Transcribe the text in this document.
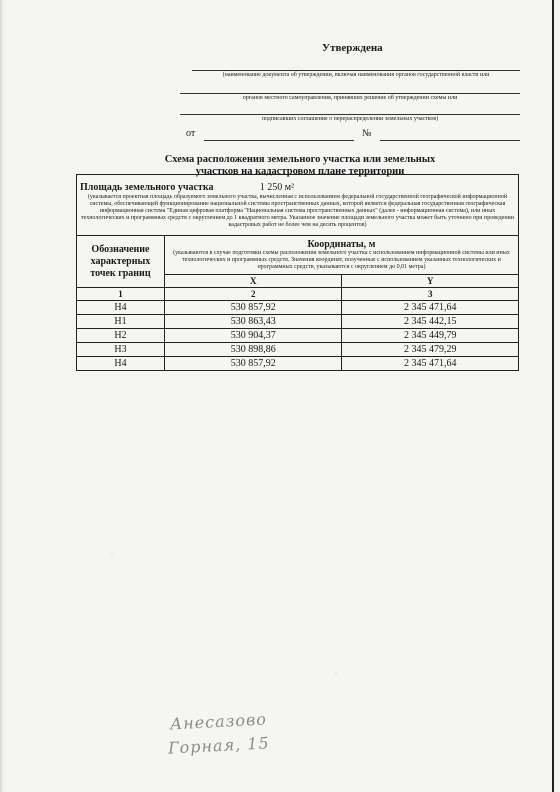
Утверждена
(наименование документа об утверждении, включая наименования органов государственной власти или
органов местного самоуправления, принявших решение об утверждении схемы или
подписавших соглашение о перераспределении земельных участков)
от	№
Схема расположения земельного участка или земельных
участков на кадастровом плане территории
Площадь земельного участка 1 250 м²
(указывается проектная площадь образуемого земельного участка, вычисленная с использованием федеральной государственной географической информационной системы, обеспечивающей функционирование национальной системы пространственных данных, которой является федеральная государственная географическая информационная система "Единая цифровая платформа "Национальная система пространственных данных" (далее - информационная система), или иных технологических и программных средств с округлением до 1 квадратного метра. Указанное значение площади земельного участка может быть уточнено при проведении кадастровых работ не более чем на десять процентов)		

Обозначение характерных точек границ	Координаты, м
(указываются в случае подготовки схемы расположения земельного участка с использованием информационной системы или иных технологических и программных средств. Значения координат, полученные с использованием указанных технологических и программных средств, указываются с округлением до 0,01 метра)	

	X	Y
1	2	3
Н4	530 857,92	2 345 471,64
Н1	530 863,43	2 345 442,15
Н2	530 904,37	2 345 449,79
Н3	530 898,86	2 345 479,29
Н4	530 857,92	2 345 471,64
Анесазово
Горная, 15
